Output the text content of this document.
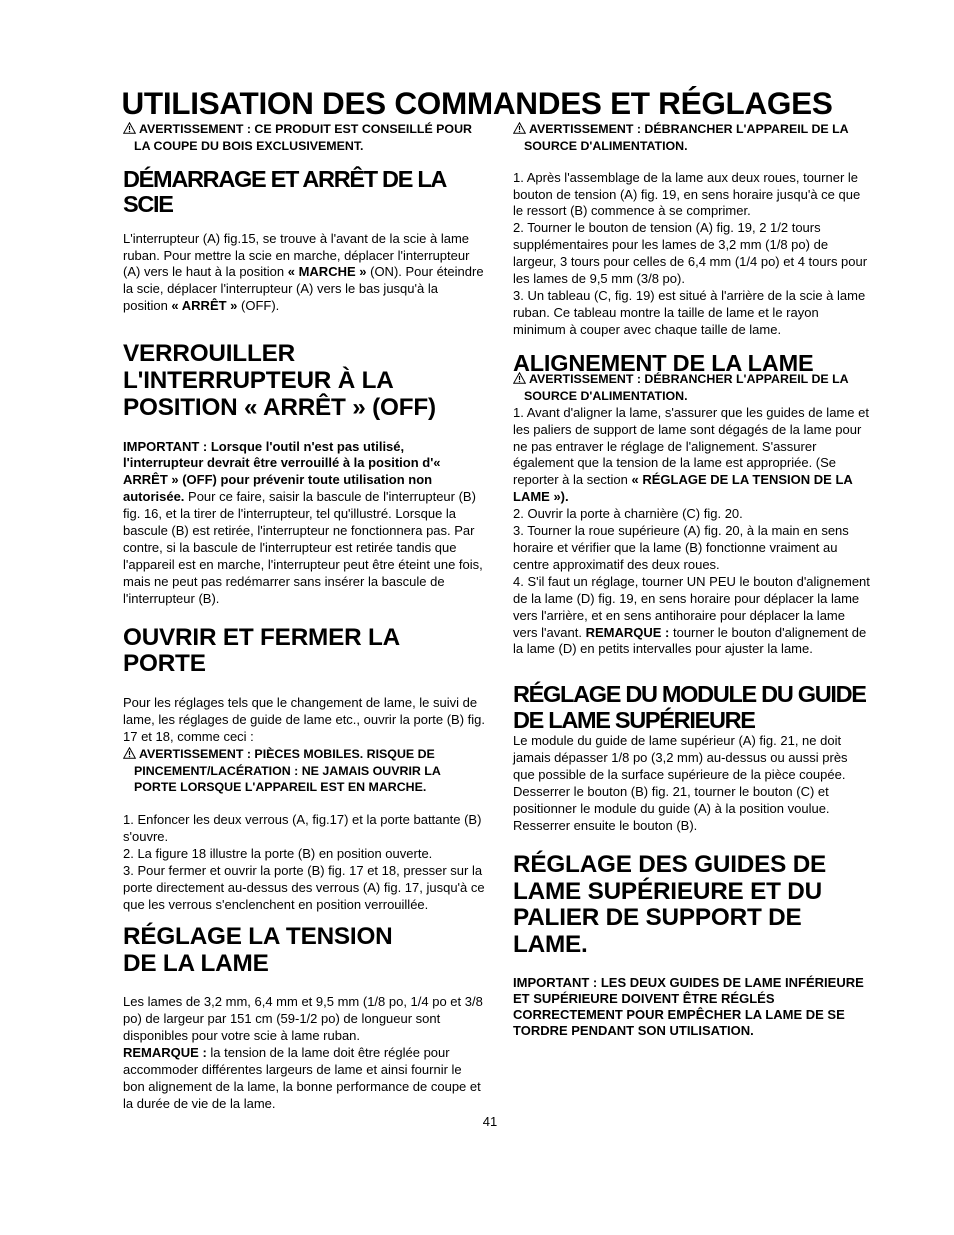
UTILISATION DES COMMANDES ET RÉGLAGES

AVERTISSEMENT : CE PRODUIT EST CONSEILLÉ POUR LA COUPE DU BOIS EXCLUSIVEMENT.

DÉMARRAGE ET ARRÊT DE LA SCIE

L'interrupteur (A) fig.15, se trouve à l'avant de la scie à lame ruban. Pour mettre la scie en marche, déplacer l'interrupteur (A) vers le haut à la position « MARCHE » (ON). Pour éteindre la scie, déplacer l'interrupteur (A) vers le bas jusqu'à la position « ARRÊT » (OFF).

VERROUILLER L'INTERRUPTEUR À LA POSITION « ARRÊT » (OFF)

IMPORTANT : Lorsque l'outil n'est pas utilisé, l'interrupteur devrait être verrouillé à la position d'« ARRÊT » (OFF) pour prévenir toute utilisation non autorisée. Pour ce faire, saisir la bascule de l'interrupteur (B) fig. 16, et la tirer de l'interrupteur, tel qu'illustré. Lorsque la bascule (B) est retirée, l'interrupteur ne fonctionnera pas. Par contre, si la bascule de l'interrupteur est retirée tandis que l'appareil est en marche, l'interrupteur peut être éteint une fois, mais ne peut pas redémarrer sans insérer la bascule de l'interrupteur (B).

OUVRIR ET FERMER LA PORTE

Pour les réglages tels que le changement de lame, le suivi de lame, les réglages de guide de lame etc., ouvrir la porte (B) fig. 17 et 18, comme ceci :

AVERTISSEMENT : PIÈCES MOBILES. RISQUE DE PINCEMENT/LACÉRATION : NE JAMAIS OUVRIR LA PORTE LORSQUE L'APPAREIL EST EN MARCHE.

1. Enfoncer les deux verrous (A, fig.17) et la porte battante (B) s'ouvre.

2. La figure 18 illustre la porte (B) en position ouverte.

3. Pour fermer et ouvrir la porte (B) fig. 17 et 18, presser sur la porte directement au-dessus des verrous (A) fig. 17, jusqu'à ce que les verrous s'enclenchent en position verrouillée.

RÉGLAGE LA TENSION DE LA LAME

Les lames de 3,2 mm, 6,4 mm et 9,5 mm (1/8 po, 1/4 po et 3/8 po) de largeur par 151 cm (59-1/2 po) de longueur sont disponibles pour votre scie à lame ruban.
REMARQUE : la tension de la lame doit être réglée pour accommoder différentes largeurs de lame et ainsi fournir le bon alignement de la lame, la bonne performance de coupe et la durée de vie de la lame.

AVERTISSEMENT : DÉBRANCHER L'APPAREIL DE LA SOURCE D'ALIMENTATION.

1. Après l'assemblage de la lame aux deux roues, tourner le bouton de tension (A) fig. 19, en sens horaire jusqu'à ce que le ressort (B) commence à se comprimer.

2. Tourner le bouton de tension (A) fig. 19, 2 1/2 tours supplémentaires pour les lames de 3,2 mm (1/8 po) de largeur, 3 tours pour celles de 6,4 mm (1/4 po) et 4 tours pour les lames de 9,5 mm (3/8 po).

3. Un tableau (C, fig. 19) est situé à l'arrière de la scie à lame ruban. Ce tableau montre la taille de lame et le rayon minimum à couper avec chaque taille de lame.

ALIGNEMENT DE LA LAME

AVERTISSEMENT : DÉBRANCHER L'APPAREIL DE LA SOURCE D'ALIMENTATION.

1. Avant d'aligner la lame, s'assurer que les guides de lame et les paliers de support de lame sont dégagés de la lame pour ne pas entraver le réglage de l'alignement. S'assurer également que la tension de la lame est appropriée. (Se reporter à la section « RÉGLAGE DE LA TENSION DE LA LAME »).

2. Ouvrir la porte à charnière (C) fig. 20.

3. Tourner la roue supérieure (A) fig. 20, à la main en sens horaire et vérifier que la lame (B) fonctionne vraiment au centre approximatif des deux roues.

4. S'il faut un réglage, tourner UN PEU le bouton d'alignement de la lame (D) fig. 19, en sens horaire pour déplacer la lame vers l'arrière, et en sens antihoraire pour déplacer la lame vers l'avant. REMARQUE : tourner le bouton d'alignement de la lame (D) en petits intervalles pour ajuster la lame.

RÉGLAGE DU MODULE DU GUIDE DE LAME SUPÉRIEURE

Le module du guide de lame supérieur (A) fig. 21, ne doit jamais dépasser 1/8 po (3,2 mm) au-dessus ou aussi près que possible de la surface supérieure de la pièce coupée.

Desserrer le bouton (B) fig. 21, tourner le bouton (C) et positionner le module du guide (A) à la position voulue. Resserrer ensuite le bouton (B).

RÉGLAGE DES GUIDES DE LAME SUPÉRIEURE ET DU PALIER DE SUPPORT DE LAME.

IMPORTANT : LES DEUX GUIDES DE LAME INFÉRIEURE ET SUPÉRIEURE DOIVENT ÊTRE RÉGLÉS CORRECTEMENT POUR EMPÊCHER LA LAME DE SE TORDRE PENDANT SON UTILISATION.

41
